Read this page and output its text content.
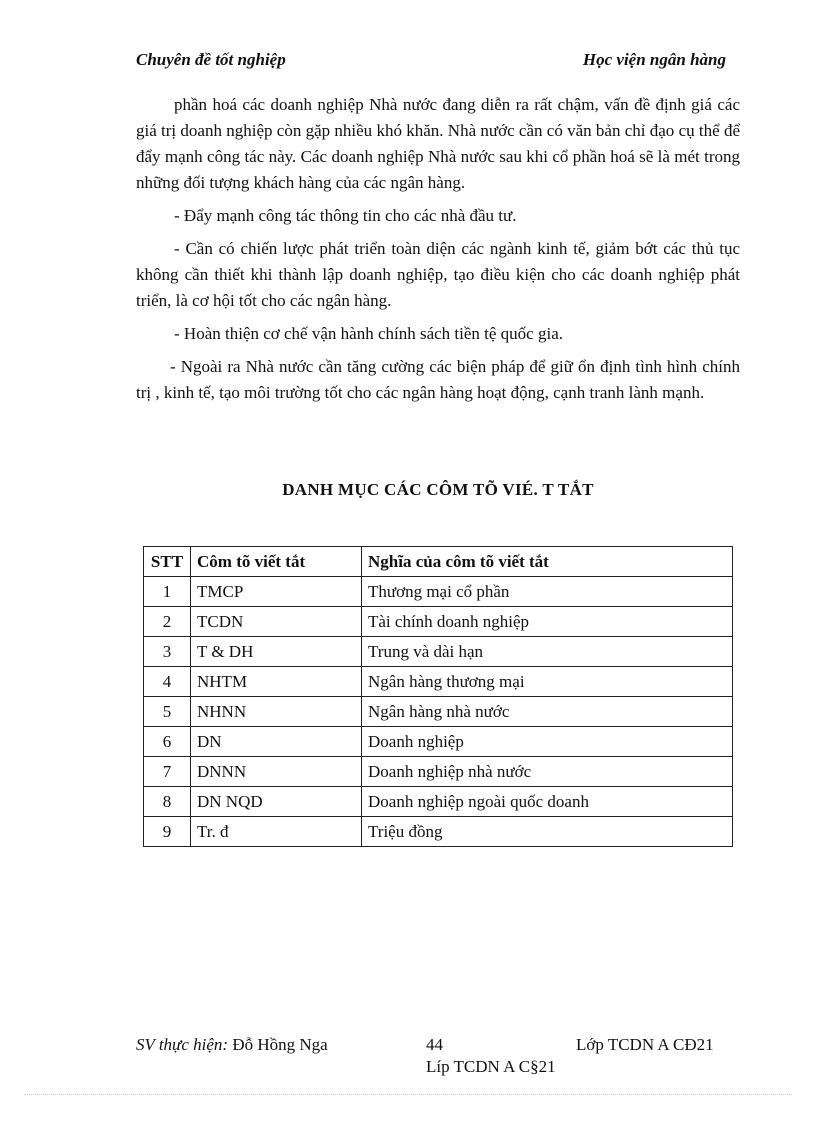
Chuyên đề tốt nghiệp	Học viện ngân hàng

phần hoá các doanh nghiệp Nhà nước đang diễn ra rất chậm, vấn đề định giá các giá trị doanh nghiệp còn gặp nhiều khó khăn. Nhà nước cần có văn bản chỉ đạo cụ thể để đẩy mạnh công tác này. Các doanh nghiệp Nhà nước sau khi cổ phần hoá sẽ là mét trong những đối tượng khách hàng của các ngân hàng.

- Đẩy mạnh công tác thông tin cho các nhà đầu tư.

- Cần có chiến lược phát triển toàn diện các ngành kinh tế, giảm bớt các thủ tục không cần thiết khi thành lập doanh nghiệp, tạo điều kiện cho các doanh nghiệp phát triển, là cơ hội tốt cho các ngân hàng.

- Hoàn thiện cơ chế vận hành chính sách tiền tệ quốc gia.

- Ngoài ra Nhà nước cần tăng cường các biện pháp để giữ ổn định tình hình chính trị , kinh tế, tạo môi trường tốt cho các ngân hàng hoạt động, cạnh tranh lành mạnh.

DANH MỤC CÁC CÔM TÕ VIÉ. T TẮT
STT	Côm tõ viết tắt	Nghĩa của côm tõ viết tắt
1	TMCP	Thương mại cổ phần
2	TCDN	Tài chính doanh nghiệp
3	T & DH	Trung và dài hạn
4	NHTM	Ngân hàng thương mại
5	NHNN	Ngân hàng nhà nước
6	DN	Doanh nghiệp
7	DNNN	Doanh nghiệp nhà nước
8	DN NQD	Doanh nghiệp ngoài quốc doanh
9	Tr. đ	Triệu đồng
SV thực hiện: Đỗ Hồng Nga	44	Lớp TCDN A CĐ21
Líp TCDN A C§21
